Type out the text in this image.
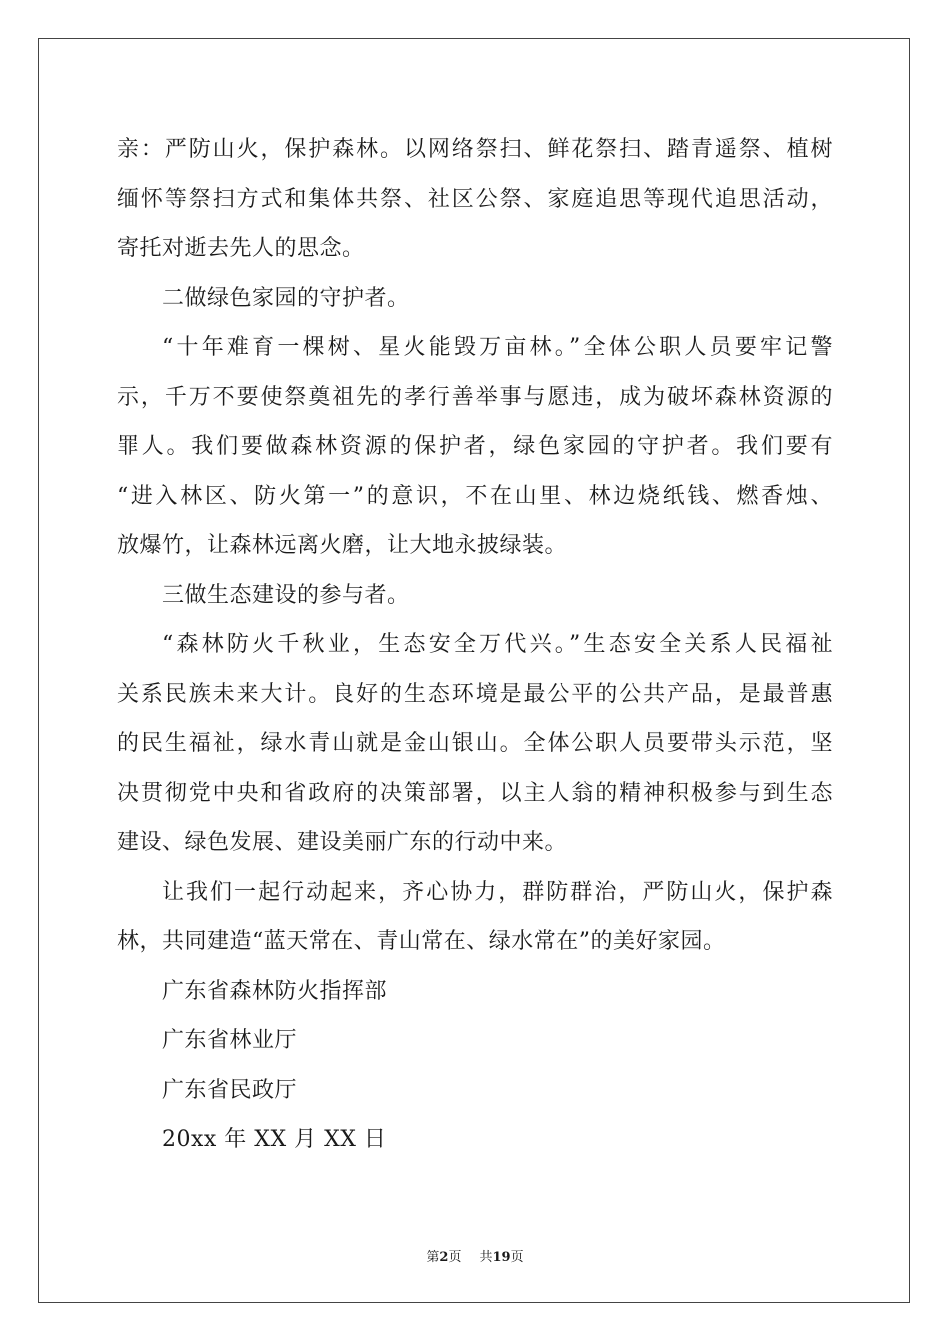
亲：严防山火，保护森林。以网络祭扫、鲜花祭扫、踏青遥祭、植树
缅怀等祭扫方式和集体共祭、社区公祭、家庭追思等现代追思活动，
寄托对逝去先人的思念。
二做绿色家园的守护者。
“十年难育一棵树、星火能毁万亩林。”全体公职人员要牢记警
示，千万不要使祭奠祖先的孝行善举事与愿违，成为破坏森林资源的
罪人。我们要做森林资源的保护者，绿色家园的守护者。我们要有
“进入林区、防火第一”的意识，不在山里、林边烧纸钱、燃香烛、
放爆竹，让森林远离火磨，让大地永披绿装。
三做生态建设的参与者。
“森林防火千秋业，生态安全万代兴。”生态安全关系人民福祉
关系民族未来大计。良好的生态环境是最公平的公共产品，是最普惠
的民生福祉，绿水青山就是金山银山。全体公职人员要带头示范，坚
决贯彻党中央和省政府的决策部署，以主人翁的精神积极参与到生态
建设、绿色发展、建设美丽广东的行动中来。
让我们一起行动起来，齐心协力，群防群治，严防山火，保护森
林，共同建造“蓝天常在、青山常在、绿水常在”的美好家园。
广东省森林防火指挥部
广东省林业厅
广东省民政厅
20xx 年 XX 月 XX 日
第2页 共19页
